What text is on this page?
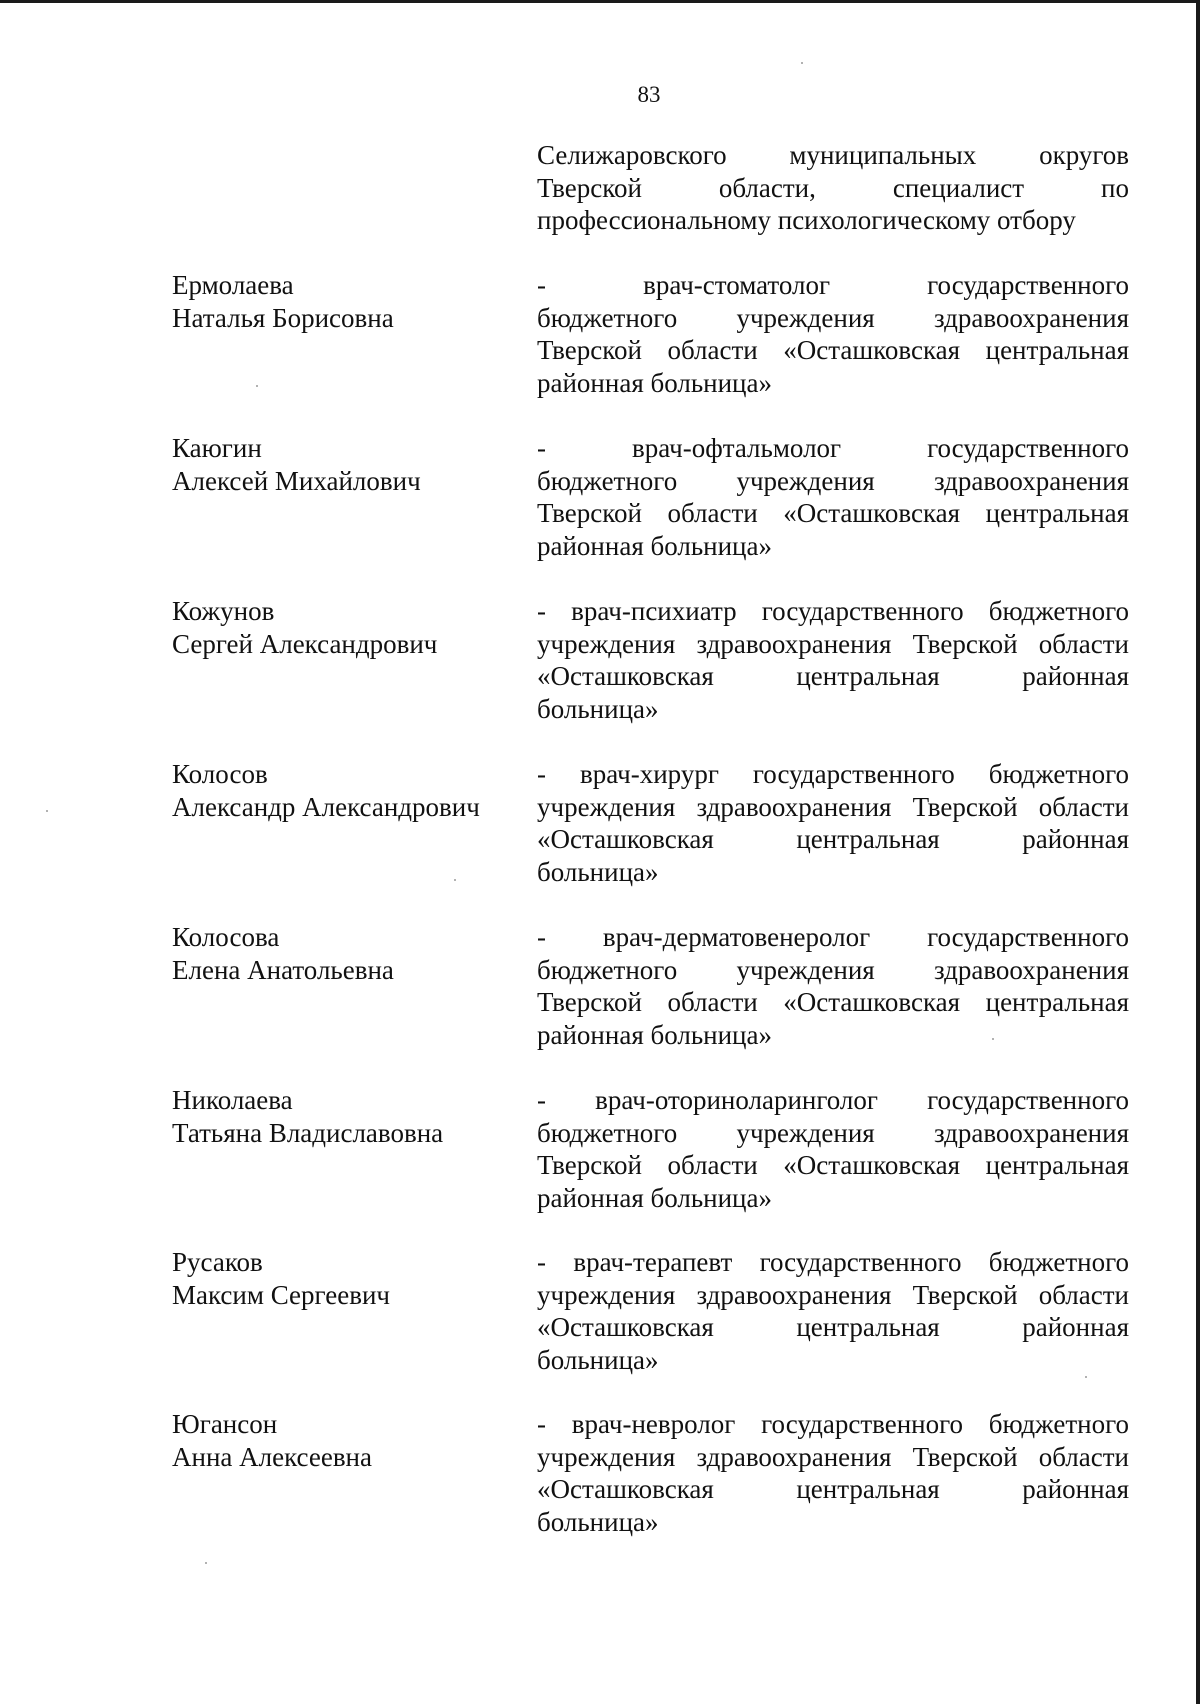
83
Селижаровского муниципальных округов
Тверской области, специалист по
профессиональному психологическому отбору
Ермолаева
Наталья Борисовна
- врач-стоматолог государственного
бюджетного учреждения здравоохранения
Тверской области «Осташковская центральная
районная больница»
Каюгин
Алексей Михайлович
- врач-офтальмолог государственного
бюджетного учреждения здравоохранения
Тверской области «Осташковская центральная
районная больница»
Кожунов
Сергей Александрович
- врач-психиатр государственного бюджетного
учреждения здравоохранения Тверской области
«Осташковская центральная районная
больница»
Колосов
Александр Александрович
- врач-хирург государственного бюджетного
учреждения здравоохранения Тверской области
«Осташковская центральная районная
больница»
Колосова
Елена Анатольевна
- врач-дерматовенеролог государственного
бюджетного учреждения здравоохранения
Тверской области «Осташковская центральная
районная больница»
Николаева
Татьяна Владиславовна
- врач-оториноларинголог государственного
бюджетного учреждения здравоохранения
Тверской области «Осташковская центральная
районная больница»
Русаков
Максим Сергеевич
- врач-терапевт государственного бюджетного
учреждения здравоохранения Тверской области
«Осташковская центральная районная
больница»
Югансон
Анна Алексеевна
- врач-невролог государственного бюджетного
учреждения здравоохранения Тверской области
«Осташковская центральная районная
больница»
